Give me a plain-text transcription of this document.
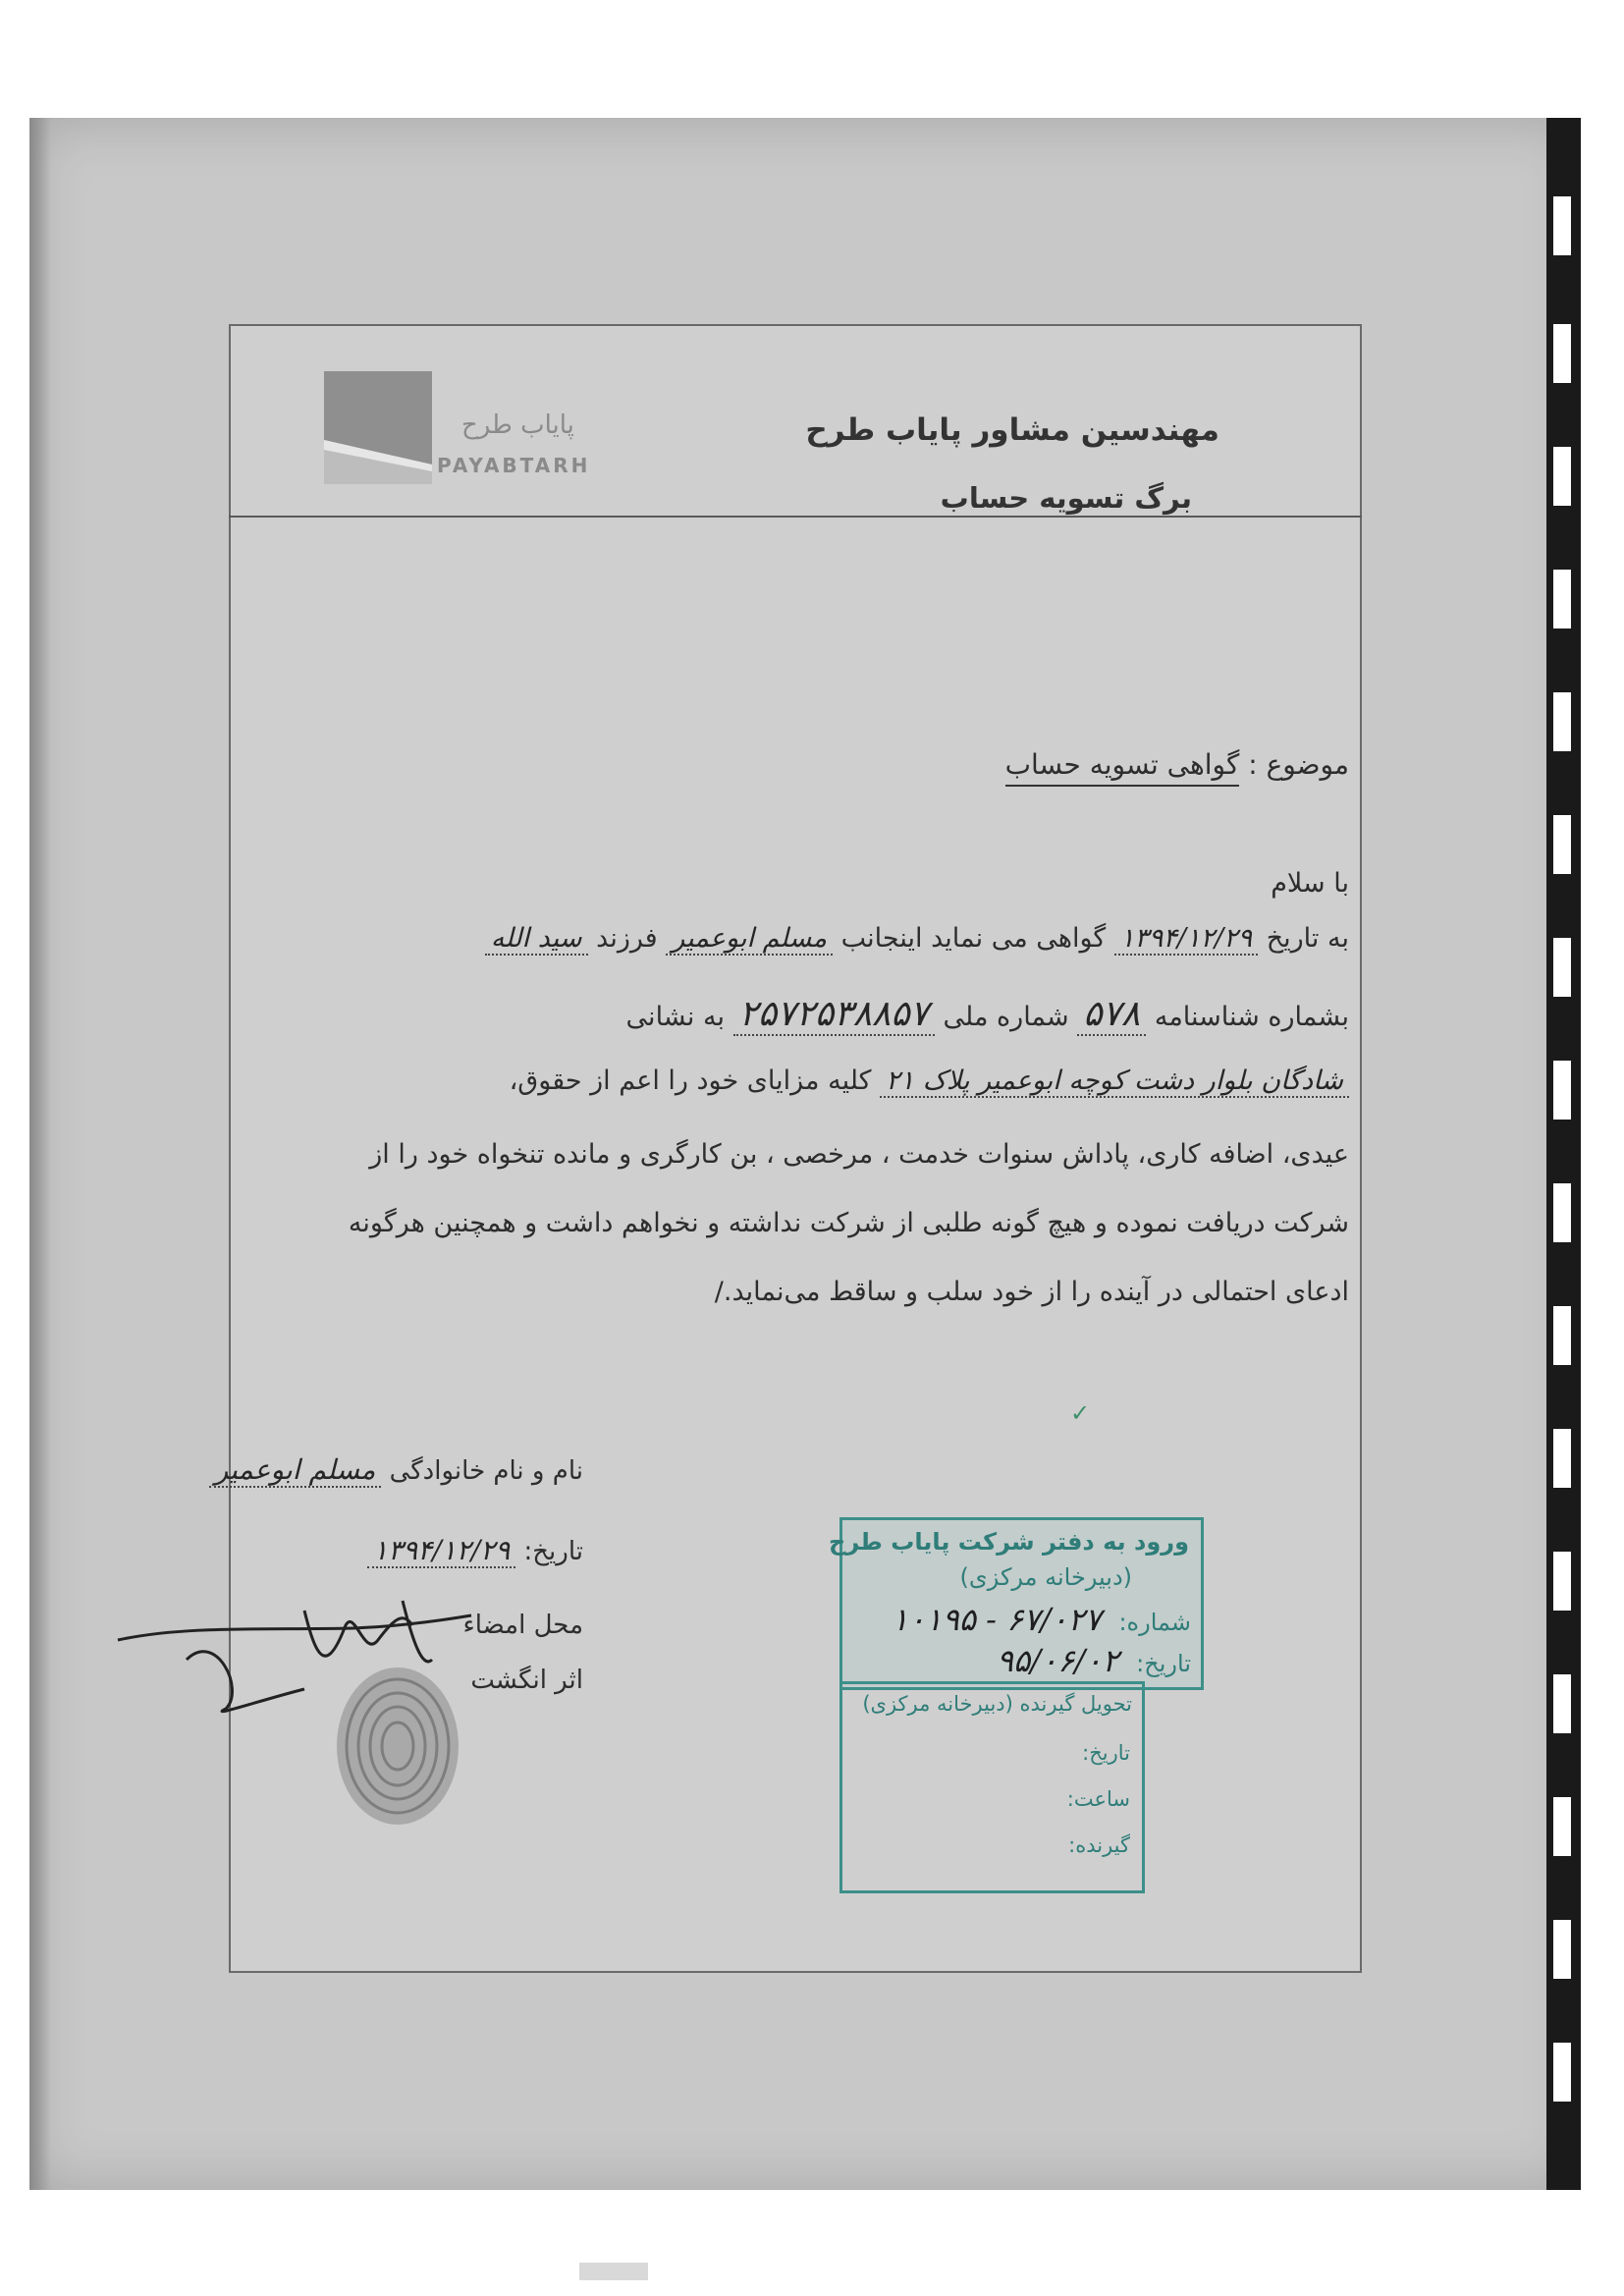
پایاب طرح
PAYABTARH
مهندسین مشاور پایاب طرح
برگ تسویه حساب
موضوع : گواهی تسویه حساب
با سلام
به تاریخ ۱۳۹۴/۱۲/۲۹ گواهی می نماید اینجانب مسلم ابوعمیر فرزند سید الله
بشماره شناسنامه ۵۷۸ شماره ملی ۲۵۷۲۵۳۸۸۵۷ به نشانی
شادگان بلوار دشت کوچه ابوعمیر پلاک ۲۱ کلیه مزایای خود را اعم از حقوق،
عیدی، اضافه کاری، پاداش سنوات خدمت ، مرخصی ، بن کارگری و مانده تنخواه خود را از
شرکت دریافت نموده و هیچ گونه طلبی از شرکت نداشته و نخواهم داشت و همچنین هرگونه
ادعای احتمالی در آینده را از خود سلب و ساقط می‌نماید./
✓
نام و نام خانوادگی مسلم ابوعمیر
تاریخ: ۱۳۹۴/۱۲/۲۹
محل امضاء
اثر انگشت
ورود به دفتر شرکت پایاب طرح
(دبیرخانه مرکزی)
شماره: ۶۷/۰۲۷ - ۱۰۱۹۵
تاریخ: ۹۵/۰۶/۰۲
تحویل گیرنده (دبیرخانه مرکزی)
تاریخ:
ساعت:
گیرنده:
